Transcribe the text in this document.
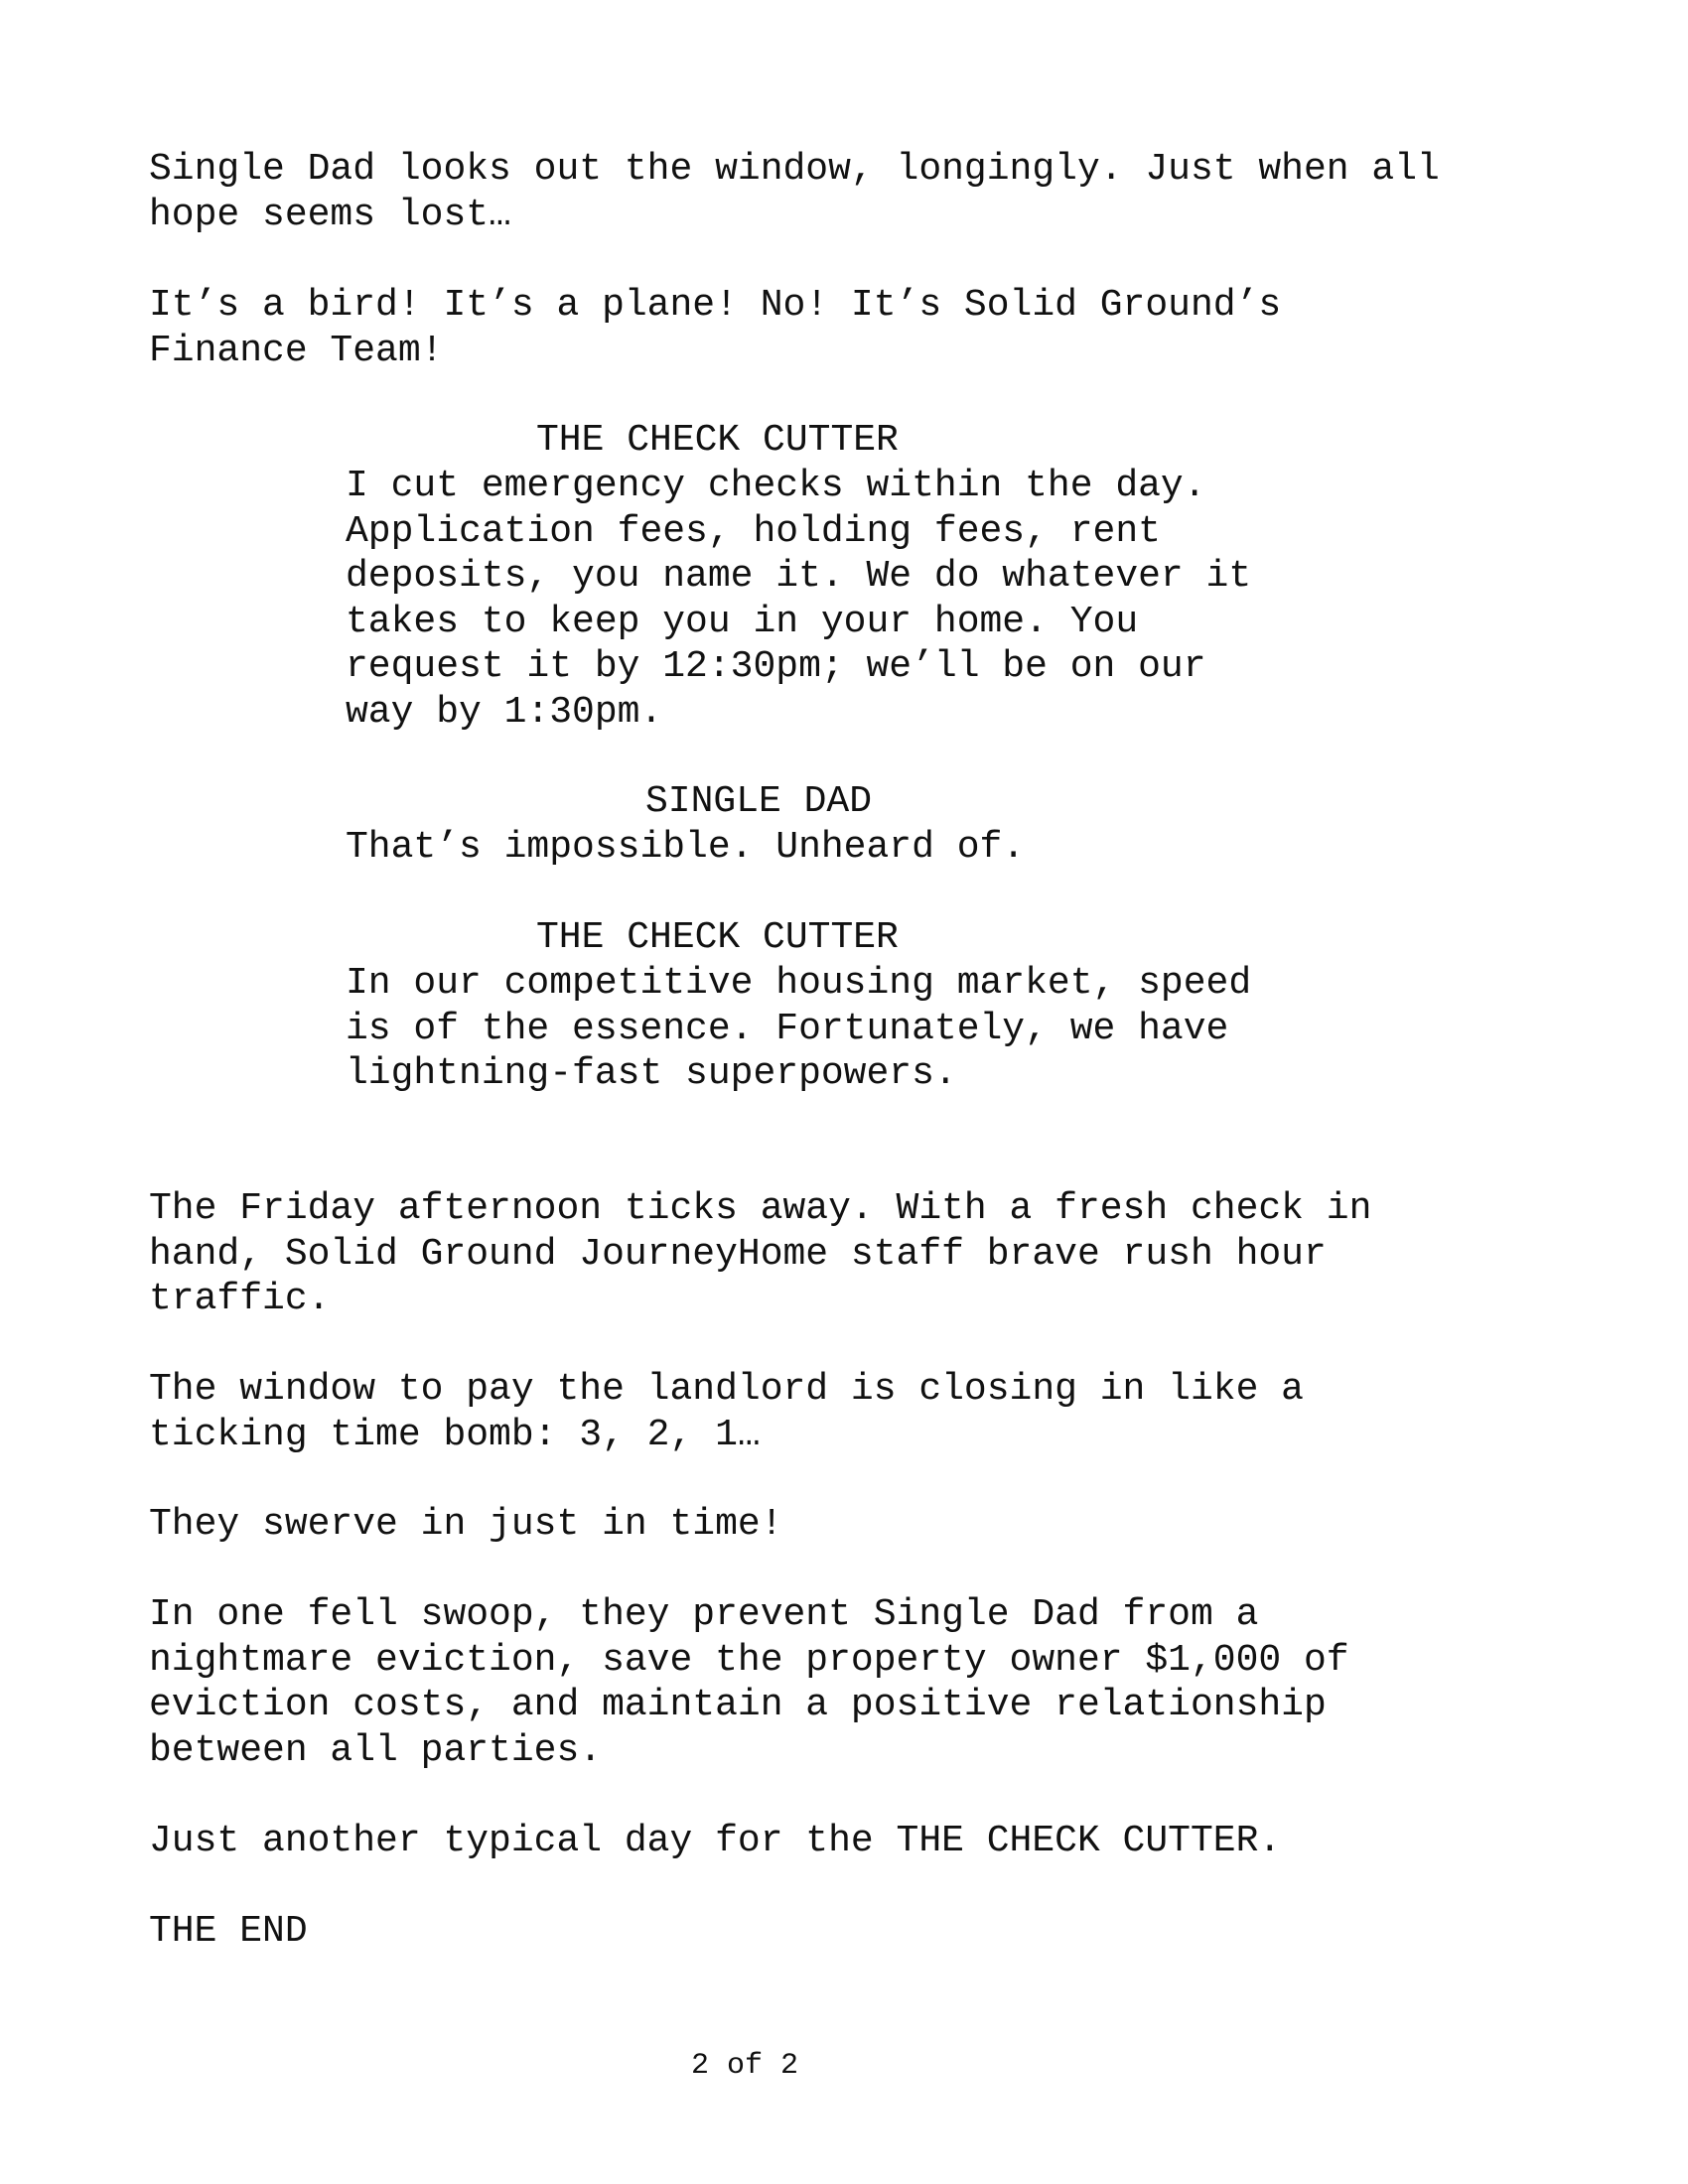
Single Dad looks out the window, longingly. Just when all
hope seems lost…

It’s a bird! It’s a plane! No! It’s Solid Ground’s
Finance Team!

THE CHECK CUTTER

I cut emergency checks within the day.
Application fees, holding fees, rent
deposits, you name it. We do whatever it
takes to keep you in your home. You
request it by 12:30pm; we’ll be on our
way by 1:30pm.

SINGLE DAD

That’s impossible. Unheard of.

THE CHECK CUTTER

In our competitive housing market, speed
is of the essence. Fortunately, we have
lightning-fast superpowers.

The Friday afternoon ticks away. With a fresh check in
hand, Solid Ground JourneyHome staff brave rush hour
traffic.

The window to pay the landlord is closing in like a
ticking time bomb: 3, 2, 1…

They swerve in just in time!

In one fell swoop, they prevent Single Dad from a
nightmare eviction, save the property owner $1,000 of
eviction costs, and maintain a positive relationship
between all parties.

Just another typical day for the THE CHECK CUTTER.

THE END

2 of 2
